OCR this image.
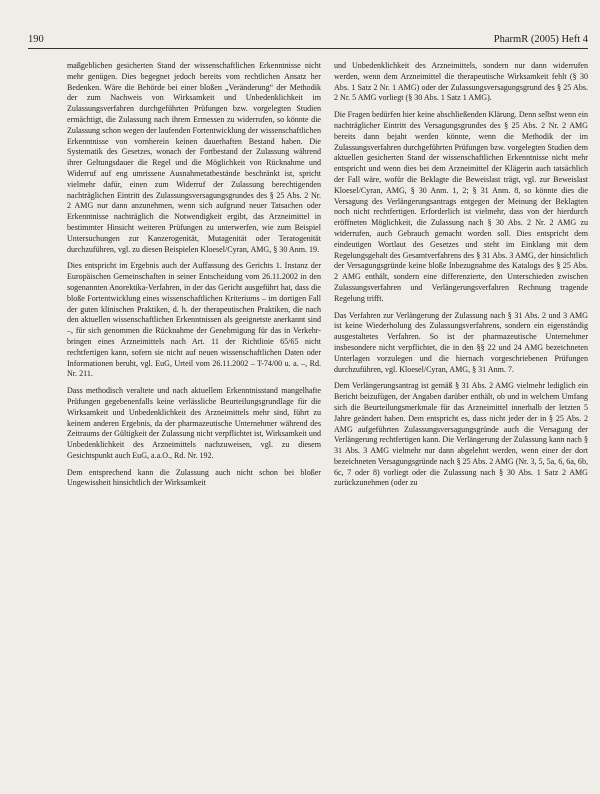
190	PharmR (2005) Heft 4

maßgeblichen gesicherten Stand der wissenschaftlichen Erkenntnisse nicht mehr genügen. Dies begegnet jedoch bereits vom rechtlichen Ansatz her Bedenken. Wäre die Behörde bei einer bloßen „Veränderung“ der Methodik der zum Nachweis von Wirksamkeit und Unbedenklichkeit im Zulassungsverfahren durchgeführten Prüfungen bzw. vorgelegten Studien ermächtigt, die Zulassung nach ihrem Ermessen zu widerrufen, so könnte die Zulassung schon wegen der laufenden Fortentwicklung der wissenschaftlichen Erkenntnisse von vornherein keinen dauerhaften Bestand haben. Die Systematik des Gesetzes, wonach der Fortbestand der Zulassung während ihrer Geltungsdauer die Regel und die Möglichkeit von Rücknahme und Widerruf auf eng umrissene Ausnahmetatbestände beschränkt ist, spricht vielmehr dafür, einen zum Widerruf der Zulassung berechtigenden nachträglichen Eintritt des Zulassungsversagungsgrundes des § 25 Abs. 2 Nr. 2 AMG nur dann anzunehmen, wenn sich aufgrund neuer Tatsachen oder Erkenntnisse nachträglich die Notwendigkeit ergibt, das Arzneimittel in bestimmter Hinsicht weiteren Prüfungen zu unterwerfen, wie zum Beispiel Untersuchungen zur Kanzerogenität, Mutagenität oder Teratogenität durchzuführen, vgl. zu diesen Beispielen Kloesel/Cyran, AMG, § 30 Anm. 19.

Dies entspricht im Ergebnis auch der Auffassung des Gerichts 1. Instanz der Europäischen Gemeinschaften in seiner Entscheidung vom 26.11.2002 in den sogenannten Anorektika-Verfahren, in der das Gericht ausgeführt hat, dass die bloße Fortentwicklung eines wissenschaftlichen Kriteriums – im dortigen Fall der guten klinischen Praktiken, d. h. der therapeutischen Praktiken, die nach den aktuellen wissenschaftlichen Erkenntnissen als geeignetste anerkannt sind –, für sich genommen die Rücknahme der Genehmigung für das in Verkehr-bringen eines Arzneimittels nach Art. 11 der Richtlinie 65/65 nicht rechtfertigen kann, sofern sie nicht auf neuen wissenschaftlichen Daten oder Informationen beruht, vgl. EuG, Urteil vom 26.11.2002 – T-74/00 u. a. –, Rd. Nr. 211.

Dass methodisch veraltete und nach aktuellem Erkenntnisstand mangelhafte Prüfungen gegebenenfalls keine verlässliche Beurteilungsgrundlage für die Wirksamkeit und Unbedenklichkeit des Arzneimittels mehr sind, führt zu keinem anderen Ergebnis, da der pharmazeutische Unternehmer während des Zeitraums der Gültigkeit der Zulassung nicht verpflichtet ist, Wirksamkeit und Unbedenklichkeit des Arzneimittels nachzuweisen, vgl. zu diesem Gesichtspunkt auch EuG, a.a.O., Rd. Nr. 192.

Dem entsprechend kann die Zulassung auch nicht schon bei bloßer Ungewissheit hinsichtlich der Wirksamkeit

und Unbedenklichkeit des Arzneimittels, sondern nur dann widerrufen werden, wenn dem Arzneimittel die therapeutische Wirksamkeit fehlt (§ 30 Abs. 1 Satz 2 Nr. 1 AMG) oder der Zulassungsversagungsgrund des § 25 Abs. 2 Nr. 5 AMG vorliegt (§ 30 Abs. 1 Satz 1 AMG).

Die Fragen bedürfen hier keine abschließenden Klärung. Denn selbst wenn ein nachträglicher Eintritt des Versagungsgrundes des § 25 Abs. 2 Nr. 2 AMG bereits dann bejaht werden könnte, wenn die Methodik der im Zulassungsverfahren durchgeführten Prüfungen bzw. vorgelegten Studien dem aktuellen gesicherten Stand der wissenschaftlichen Erkenntnisse nicht mehr entspricht und wenn dies bei dem Arzneimittel der Klägerin auch tatsächlich der Fall wäre, wofür die Beklagte die Beweislast trägt, vgl. zur Beweislast Kloesel/Cyran, AMG, § 30 Anm. 1, 2; § 31 Anm. 8, so könnte dies die Versagung des Verlängerungsantrags entgegen der Meinung der Beklagten noch nicht rechtfertigen. Erforderlich ist vielmehr, dass von der hierdurch eröffneten Möglichkeit, die Zulassung nach § 30 Abs. 2 Nr. 2 AMG zu widerrufen, auch Gebrauch gemacht worden soll. Dies entspricht dem eindeutigen Wortlaut des Gesetzes und steht im Einklang mit dem Regelungsgehalt des Gesamtverfahrens des § 31 Abs. 3 AMG, der hinsichtlich der Versagungsgründe keine bloße Inbezugnahme des Katalogs des § 25 Abs. 2 AMG enthält, sondern eine differenzierte, den Unterschieden zwischen Zulassungsverfahren und Verlängerungsverfahren Rechnung tragende Regelung trifft.

Das Verfahren zur Verlängerung der Zulassung nach § 31 Abs. 2 und 3 AMG ist keine Wiederholung des Zulassungsverfahrens, sondern ein eigenständig ausgestaltetes Verfahren. So ist der pharmazeutische Unternehmer insbesondere nicht verpflichtet, die in den §§ 22 und 24 AMG bezeichneten Unterlagen vorzulegen und die hiernach vorgeschriebenen Prüfungen durchzuführen, vgl. Kloesel/Cyran, AMG, § 31 Anm. 7.

Dem Verlängerungsantrag ist gemäß § 31 Abs. 2 AMG vielmehr lediglich ein Bericht beizufügen, der Angaben darüber enthält, ob und in welchem Umfang sich die Beurteilungsmerkmale für das Arzneimittel innerhalb der letzten 5 Jahre geändert haben. Dem entspricht es, dass nicht jeder der in § 25 Abs. 2 AMG aufgeführten Zulassungsversagungsgründe auch die Versagung der Verlängerung rechtfertigen kann. Die Verlängerung der Zulassung kann nach § 31 Abs. 3 AMG vielmehr nur dann abgelehnt werden, wenn einer der dort bezeichneten Versagungsgründe nach § 25 Abs. 2 AMG (Nr. 3, 5, 5a, 6, 6a, 6b, 6c, 7 oder 8) vorliegt oder die Zulassung nach § 30 Abs. 1 Satz 2 AMG zurückzunehmen (oder zu
